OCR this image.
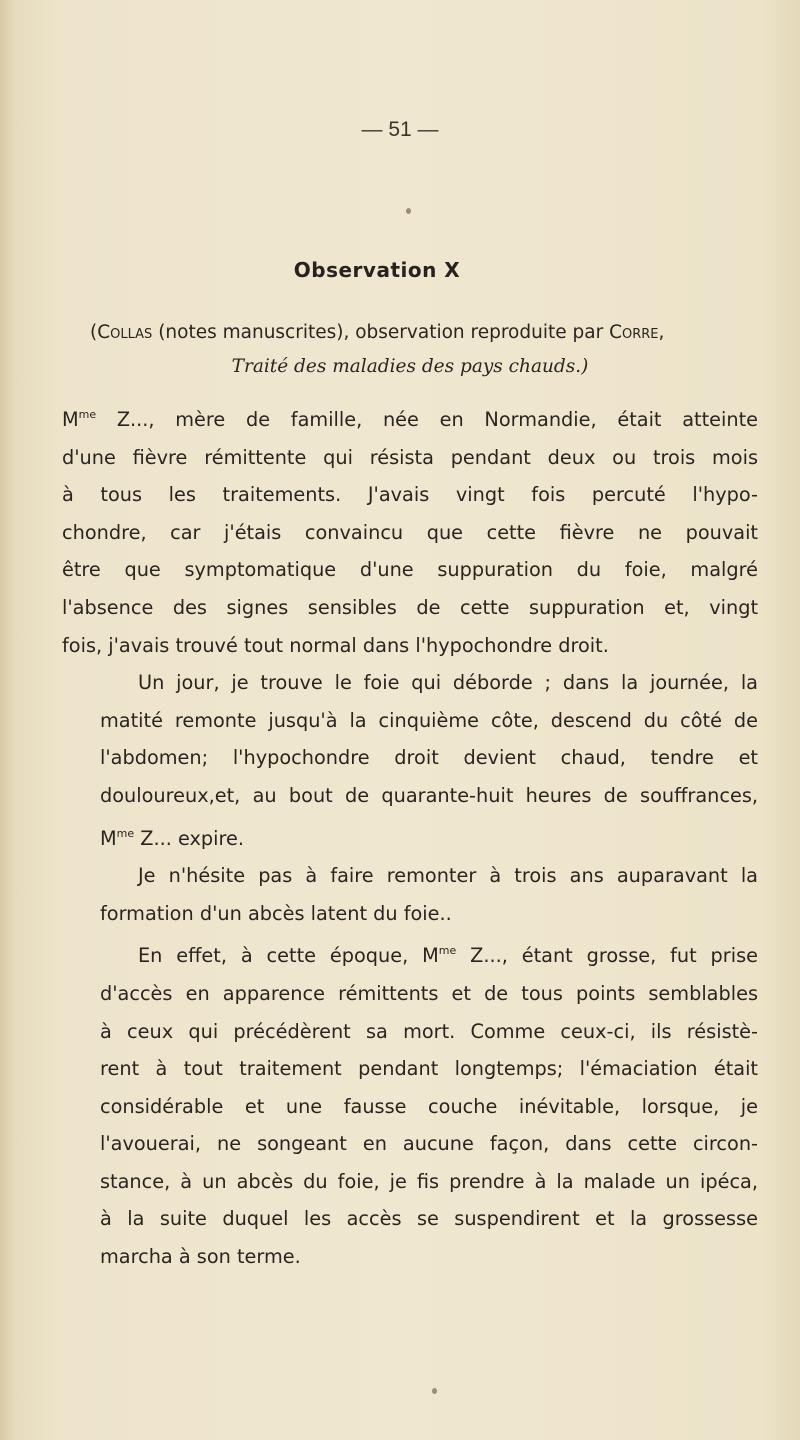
— 51 —
Observation X
(Collas (notes manuscrites), observation reproduite par Corre,
Traité des maladies des pays chauds.)

$M^{me}$ Z..., mère de famille, née en Normandie, était atteinte
d'une fièvre rémittente qui résista pendant deux ou trois mois
à tous les traitements. J'avais vingt fois percuté l'hypo-
chondre, car j'étais convaincu que cette fièvre ne pouvait
être que symptomatique d'une suppuration du foie, malgré
l'absence des signes sensibles de cette suppuration et, vingt
fois, j'avais trouvé tout normal dans l'hypochondre droit.

Un jour, je trouve le foie qui déborde ; dans la journée, la
matité remonte jusqu'à la cinquième côte, descend du côté de
l'abdomen; l'hypochondre droit devient chaud, tendre et
douloureux,et, au bout de quarante-huit heures de souffrances,
$M^{me}$ Z... expire.

Je n'hésite pas à faire remonter à trois ans auparavant la
formation d'un abcès latent du foie..

En effet, à cette époque, $M^{me}$ Z..., étant grosse, fut prise
d'accès en apparence rémittents et de tous points semblables
à ceux qui précédèrent sa mort. Comme ceux-ci, ils résistè-
rent à tout traitement pendant longtemps; l'émaciation était
considérable et une fausse couche inévitable, lorsque, je
l'avouerai, ne songeant en aucune façon, dans cette circon-
stance, à un abcès du foie, je fis prendre à la malade un ipéca,
à la suite duquel les accès se suspendirent et la grossesse
marcha à son terme.
